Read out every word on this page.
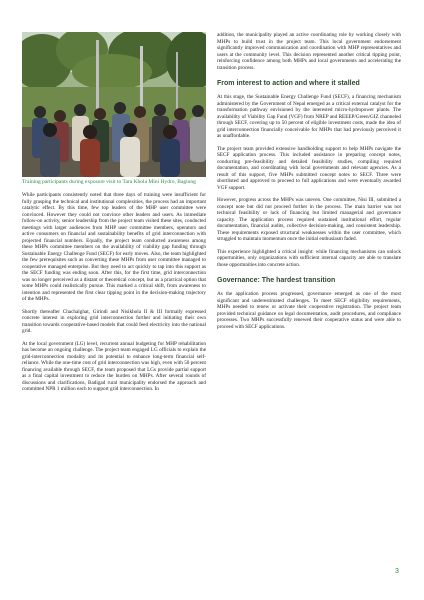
Training participants during exposure visit to Tara Khola Mini Hydro, Baglung

While participants consistently noted that three days of training were insufficient for fully grasping the technical and institutional complexities, the process had an important catalytic effect. By this time, few top leaders of the MHP user committee were convinced. However they could not convince other leaders and users. As immediate follow-on activity, senior leadership from the project team visited these sites, conducted meetings with larger audiences from MHP user committee members, operators and active consumers on financial and sustainability benefits of grid interconnection with projected financial numbers. Equally, the project team conducted awareness among these MHPs committee members on the availability of viability gap funding through Sustainable Energy Challenge Fund (SECF) for early moves. Also, the team highlighted the few prerequisites such as converting these MHPs from user committee managed to cooperative managed enterprise. But they need to act quickly to tap into this support as the SECF funding was ending soon. After this, for the first time, grid interconnection was no longer perceived as a distant or theoretical concept, but as a practical option that some MHPs could realistically pursue. This marked a critical shift, from awareness to intention and represented the first clear tipping point in the decision-making trajectory of the MHPs.

Shortly thereafter Chachalghat, Girindi and Nisikhola II & III formally expressed concrete interest in exploring grid interconnection further and initiating their own transition towards cooperative-based models that could feed electricity into the national grid.

At the local government (LG) level, recurrent annual budgeting for MHP rehabilitation has become an ongoing challenge. The project team engaged LG officials to explain the grid-interconnection modality and its potential to enhance long-term financial self-reliance. While the one-time cost of grid interconnection was high, even with 50 percent financing available through SECF, the team proposed that LGs provide partial support as a final capital investment to reduce the burden on MHPs. After several rounds of discussions and clarifications, Badigad rural municipality endorsed the approach and committed NPR 1 million each to support grid interconnection. In

addition, the municipality played an active coordinating role by working closely with MHPs to build trust in the project team. This local government endorsement significantly improved communication and coordination with MHP representatives and users at the community level. This decision represented another critical tipping point, reinforcing confidence among both MHPs and local governments and accelerating the transition process.

From interest to action and where it stalled

At this stage, the Sustainable Energy Challenge Fund (SECF), a financing mechanism administered by the Government of Nepal emerged as a critical external catalyst for the transformation pathway envisioned by the interested micro-hydropower plants. The availability of Viability Gap Fund (VGF) from NREP and REEEP/Green/GIZ channeled through SECF, covering up to 50 percent of eligible investment costs, made the idea of grid interconnection financially conceivable for MHPs that had previously perceived it as unaffordable.

The project team provided extensive handholding support to help MHPs navigate the SECF application process. This included assistance in preparing concept notes, conducting pre-feasibility and detailed feasibility studies, compiling required documentation, and coordinating with local governments and relevant agencies. As a result of this support, five MHPs submitted concept notes to SECF. Three were shortlisted and approved to proceed to full applications and were eventually awarded VGF support.

However, progress across the MHPs was uneven. One committee, Nisi III, submitted a concept note but did not proceed further in the process. The main barrier was not technical feasibility or lack of financing but limited managerial and governance capacity. The application process required sustained institutional effort, regular documentation, financial audits, collective decision-making, and consistent leadership. These requirements exposed structural weaknesses within the user committee, which struggled to maintain momentum once the initial enthusiasm faded.

This experience highlighted a critical insight: while financing mechanisms can unlock opportunities, only organizations with sufficient internal capacity are able to translate those opportunities into concrete action.

Governance: The hardest transition

As the application process progressed, governance emerged as one of the most significant and underestimated challenges. To meet SECF eligibility requirements, MHPs needed to renew or activate their cooperative registration. The project team provided technical guidance on legal documentation, audit procedures, and compliance processes. Two MHPs successfully renewed their cooperative status and were able to proceed with SECF applications.

3
